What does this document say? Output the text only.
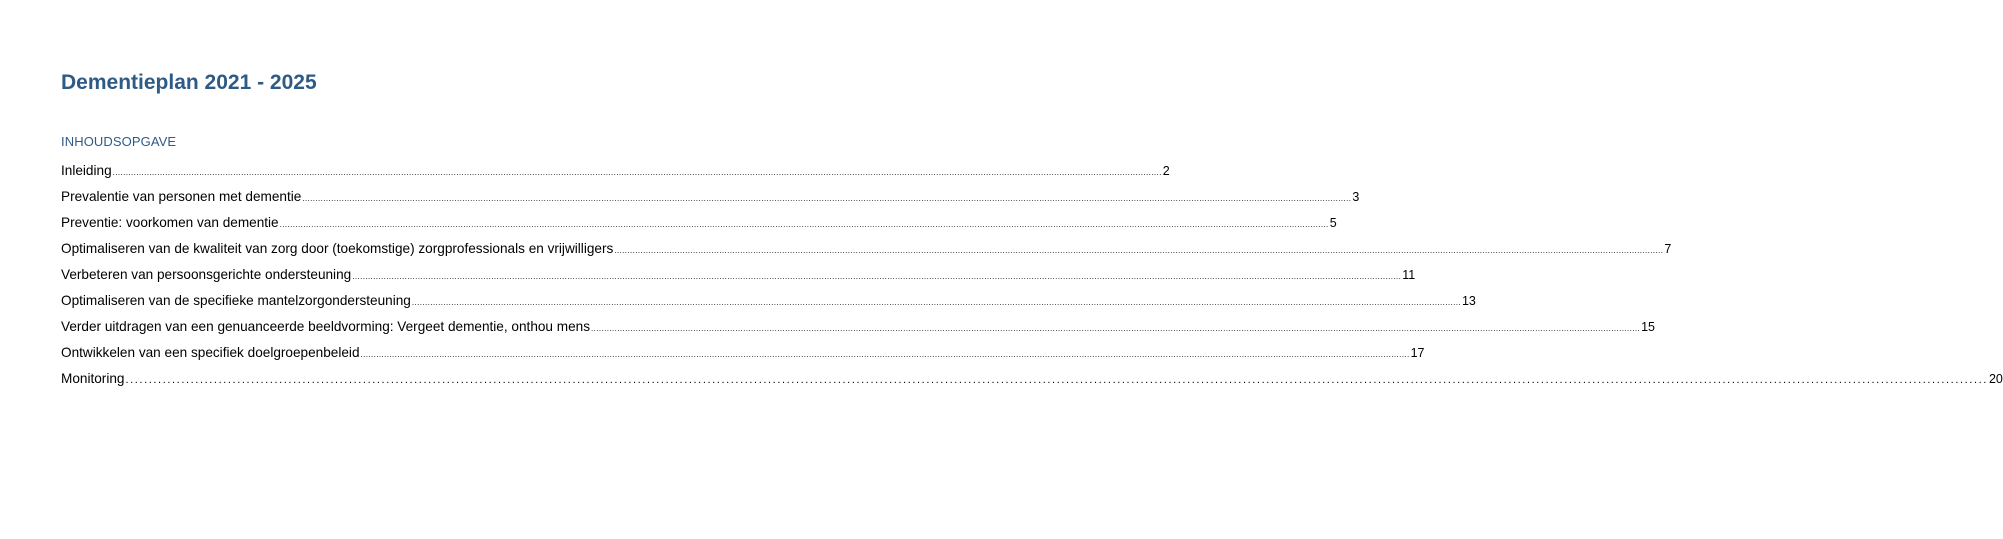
Dementieplan 2021 - 2025
INHOUDSOPGAVE
Inleiding ................................................................................................................................................................................................................................................................................................................................................................................................................ 2
Prevalentie van personen met dementie ................................................................................................................................................................................................................................................................................................................................................................................................................ 3
Preventie: voorkomen van dementie ................................................................................................................................................................................................................................................................................................................................................................................................................ 5
Optimaliseren van de kwaliteit van zorg door (toekomstige) zorgprofessionals en vrijwilligers ................................................................................................................................................................................................................................................................................................................................................................................................................ 7
Verbeteren van persoonsgerichte ondersteuning ................................................................................................................................................................................................................................................................................................................................................................................................................ 11
Optimaliseren van de specifieke mantelzorgondersteuning ................................................................................................................................................................................................................................................................................................................................................................................................................ 13
Verder uitdragen van een genuanceerde beeldvorming: Vergeet dementie, onthou mens ................................................................................................................................................................................................................................................................................................................................................................................................................ 15
Ontwikkelen van een specifiek doelgroepenbeleid ................................................................................................................................................................................................................................................................................................................................................................................................................ 17
Monitoring ................................................................................................................................................................................................................................................................................................................................................................................................................ 20
